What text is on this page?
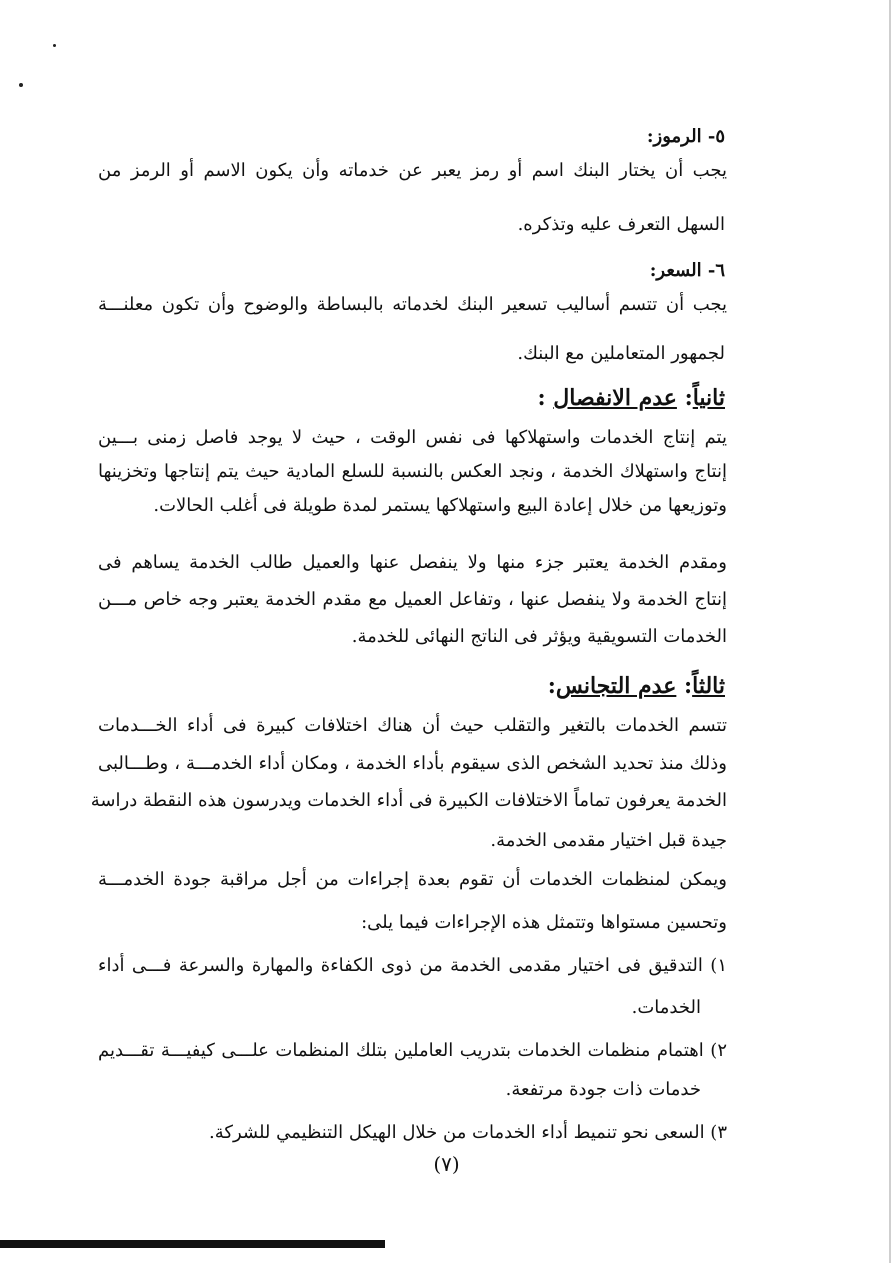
٥- الرموز:
يجب أن يختار البنك اسم أو رمز يعبر عن خدماته وأن يكون الاسم أو الرمز من
السهل التعرف عليه وتذكره.
٦- السعر:
يجب أن تتسم أساليب تسعير البنك لخدماته بالبساطة والوضوح وأن تكون معلنـــة
لجمهور المتعاملين مع البنك.
ثانياً: عدم الانفصال :
يتم إنتاج الخدمات واستهلاكها فى نفس الوقت ، حيث لا يوجد فاصل زمنى بـــين
إنتاج واستهلاك الخدمة ، ونجد العكس بالنسبة للسلع المادية حيث يتم إنتاجها وتخزينها
وتوزيعها من خلال إعادة البيع واستهلاكها يستمر لمدة طويلة فى أغلب الحالات.
ومقدم الخدمة يعتبر جزء منها ولا ينفصل عنها والعميل طالب الخدمة يساهم فى
إنتاج الخدمة ولا ينفصل عنها ، وتفاعل العميل مع مقدم الخدمة يعتبر وجه خاص مـــن
الخدمات التسويقية ويؤثر فى الناتج النهائى للخدمة.
ثالثاً: عدم التجانس:
تتسم الخدمات بالتغير والتقلب حيث أن هناك اختلافات كبيرة فى أداء الخـــدمات
وذلك منذ تحديد الشخص الذى سيقوم بأداء الخدمة ، ومكان أداء الخدمـــة ، وطـــالبى
الخدمة يعرفون تماماً الاختلافات الكبيرة فى أداء الخدمات ويدرسون هذه النقطة دراسة
جيدة قبل اختيار مقدمى الخدمة.
ويمكن لمنظمات الخدمات أن تقوم بعدة إجراءات من أجل مراقبة جودة الخدمـــة
وتحسين مستواها وتتمثل هذه الإجراءات فيما يلى:
١) التدقيق فى اختيار مقدمى الخدمة من ذوى الكفاءة والمهارة والسرعة فـــى أداء
الخدمات.
٢) اهتمام منظمات الخدمات بتدريب العاملين بتلك المنظمات علـــى كيفيـــة تقـــديم
خدمات ذات جودة مرتفعة.
٣) السعى نحو تنميط أداء الخدمات من خلال الهيكل التنظيمي للشركة.
(٧)
